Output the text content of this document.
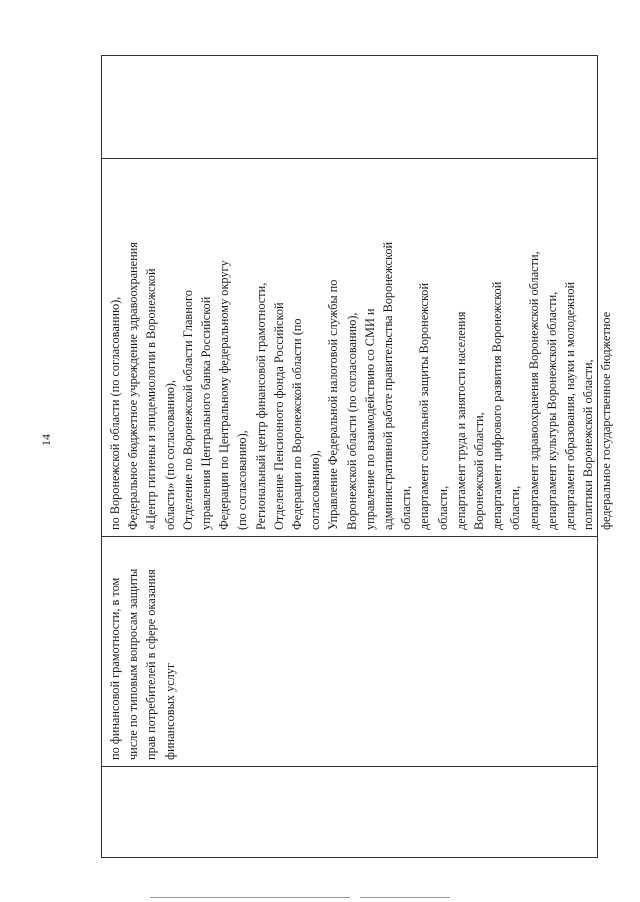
14
по финансовой грамотности, в том числе по типовым вопросам защиты прав потребителей в сфере оказания финансовых услуг
по Воронежской области (по согласованию), Федеральное бюджетное учреждение здравоохранения «Центр гигиены и эпидемиологии в Воронежской области» (по согласованию), Отделение по Воронежской области Главного управления Центрального банка Российской Федерации по Центральному федеральному округу (по согласованию), Региональный центр финансовой грамотности, Отделение Пенсионного фонда Российской Федерации по Воронежской области (по согласованию), Управление Федеральной налоговой службы по Воронежской области (по согласованию), управление по взаимодействию со СМИ и административной работе правительства Воронежской области, департамент социальной защиты Воронежской области, департамент труда и занятости населения Воронежской области, департамент цифрового развития Воронежской области, департамент здравоохранения Воронежской области, департамент культуры Воронежской области, департамент образования, науки и молодежной политики Воронежской области, федеральное государственное бюджетное
